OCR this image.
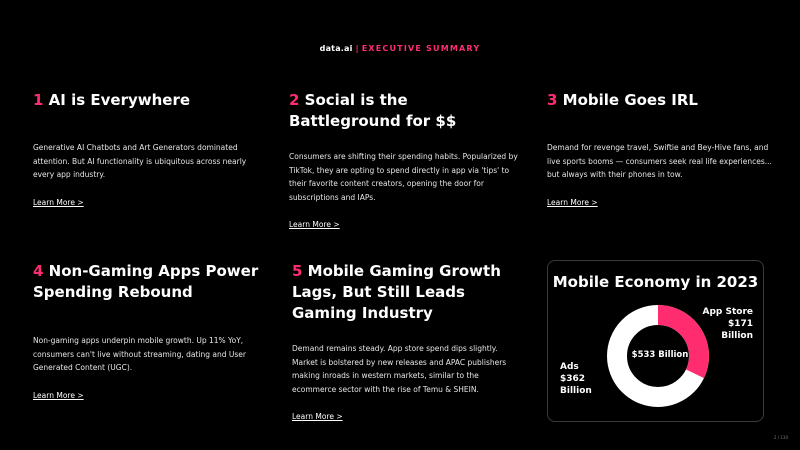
data.ai | EXECUTIVE SUMMARY
1 AI is Everywhere

Generative AI Chatbots and Art Generators dominated attention. But AI functionality is ubiquitous across nearly every app industry.

Learn More >
2 Social is the Battleground for $$

Consumers are shifting their spending habits. Popularized by TikTok, they are opting to spend directly in app via 'tips' to their favorite content creators, opening the door for subscriptions and IAPs.

Learn More >
3 Mobile Goes IRL

Demand for revenge travel, Swiftie and Bey-Hive fans, and live sports booms — consumers seek real life experiences... but always with their phones in tow.

Learn More >
4 Non-Gaming Apps Power Spending Rebound

Non-gaming apps underpin mobile growth. Up 11% YoY, consumers can't live without streaming, dating and User Generated Content (UGC).

Learn More >
5 Mobile Gaming Growth Lags, But Still Leads Gaming Industry

Demand remains steady. App store spend dips slightly. Market is bolstered by new releases and APAC publishers making inroads in western markets, similar to the ecommerce sector with the rise of Temu & SHEIN.

Learn More >
Mobile Economy in 2023
$533 Billion
App Store
$171
Billion
Ads
$362
Billion
2 / 130
